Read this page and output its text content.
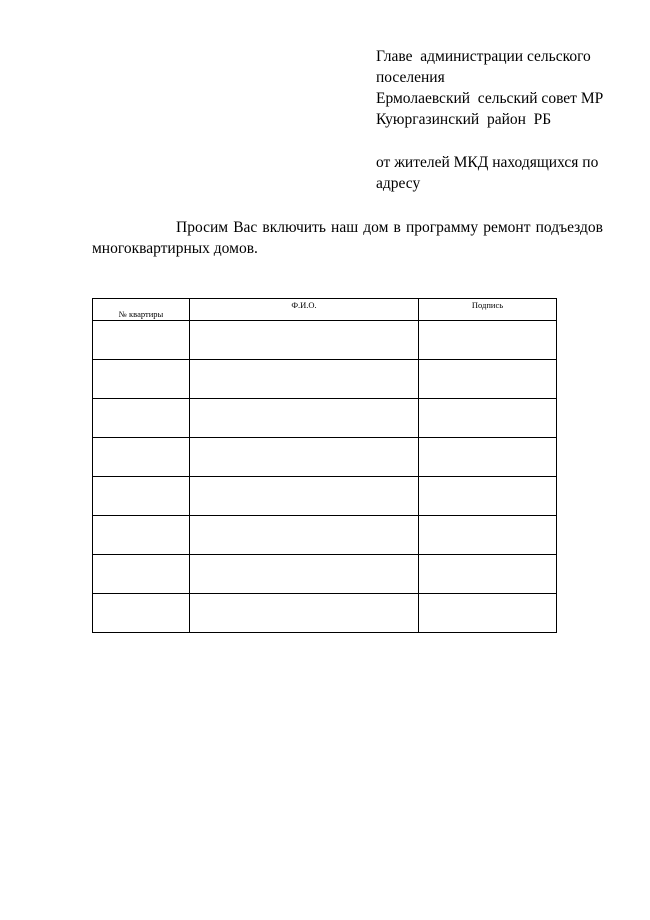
Главе  администрации сельского
поселения
Ермолаевский  сельский совет МР
Куюргазинский  район  РБ
от жителей МКД находящихся по
адресу
Просим Вас включить наш дом в программу ремонт подъездов
многоквартирных домов.
№ квартиры	Ф.И.О.	Подпись
